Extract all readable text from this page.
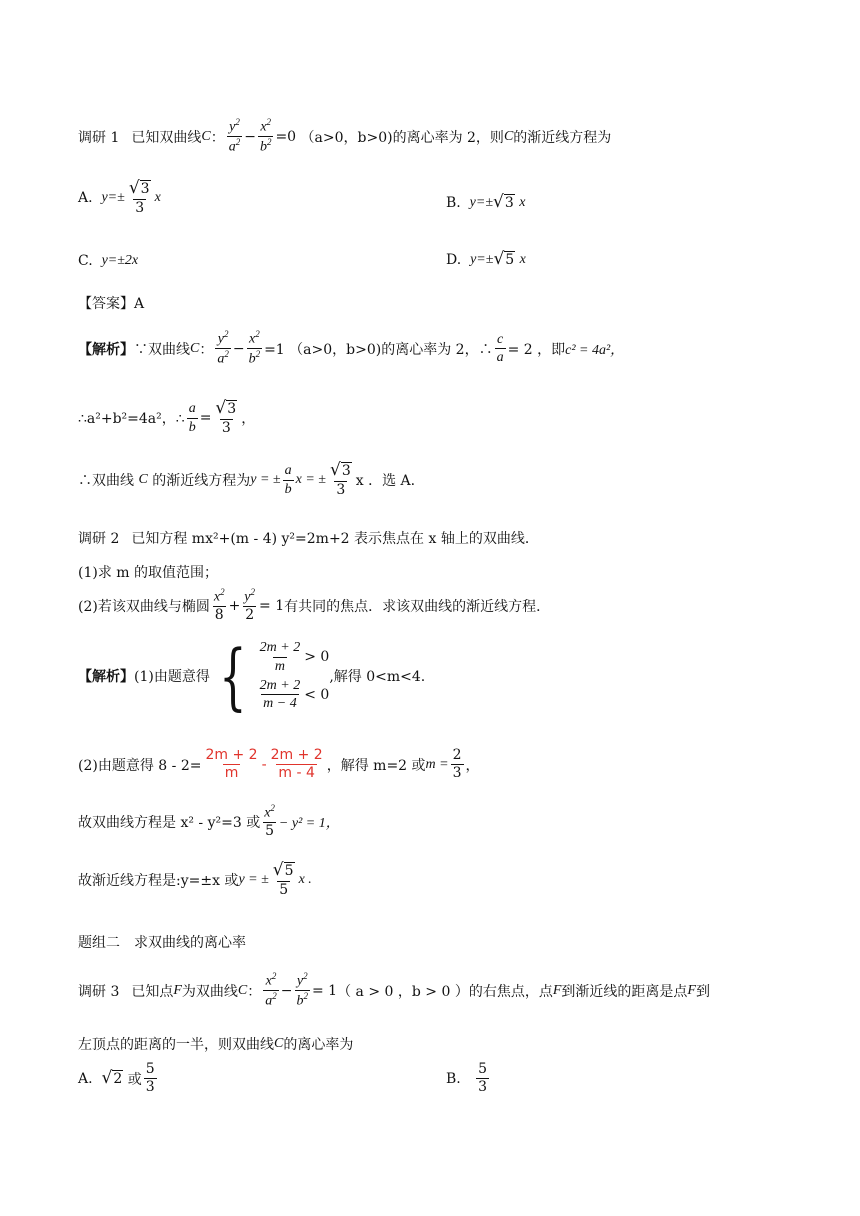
调研 1 已知双曲线 C ：
$y^2$
$a^2 - \frac{x^2}{b^2} =0$
（a>0，b>0)的离心率为 2，则 C 的渐近线方程为
A.
$y=\pm \frac{√ 3}{3}$ x	B.
y=± √ 3
x
C.
y=±2x	D.
y=± √ 5
x
【答案】A
【解析】 ∵双曲线 C ：
$y^2$
$a^2 - \frac{x^2}{b^2} =1$ （a>0，b>0)的离心率为 2，∴ $\frac{c}{a} = 2$ ，即 c² = 4a²，
∴a²+b²=4a²，∴ $\frac{a}{b} = \frac{√ 3}{3}$ ，
∴双曲线
C
的渐近线方程为 y = ± $\frac{a}{b}$ x = ± $\frac{√ 3}{3}$ x ．选 A.
调研 2 已知方程 mx²+(m - 4) y²=2m+2 表示焦点在 x 轴上的双曲线．
(1)求 m 的取值范围；
(2)若该双曲线与椭圆
$x^2$
8
+ $\frac{y^2}{2} = 1$ 有共同的焦点．求该双曲线的渐近线方程．
【解析】 (1)由题意得 { $\frac{2m + 2}{m} > 0$
$\frac{2m + 2}{m - 4} < 0$
,解得 0<m<4.
(2)由题意得 $8 - 2= \frac{2m + 2}{m} - \frac{2m + 2}{m - 4}$ ，解得 m=2 或 $m = \frac{2}{3}$ ，
故双曲线方程是 x² - y²=3 或
$x^2$
5 − y² = 1，
故渐近线方程是:y=±x 或 y = ± $\frac{√ 5}{5}$ x .
题组二　求双曲线的离心率
调研 3 已知点 F 为双曲线 C ：
$x^2$
$a^2 - \frac{y^2}{b^2} = 1$ （ a > 0 ，b > 0 ）的右焦点，点 F 到渐近线的距离是点 F 到
左顶点的距离的一半，则双曲线 C 的离心率为
A.
√ 2
或 $\frac{5}{3}$	B.
$\frac{5}{3}$
